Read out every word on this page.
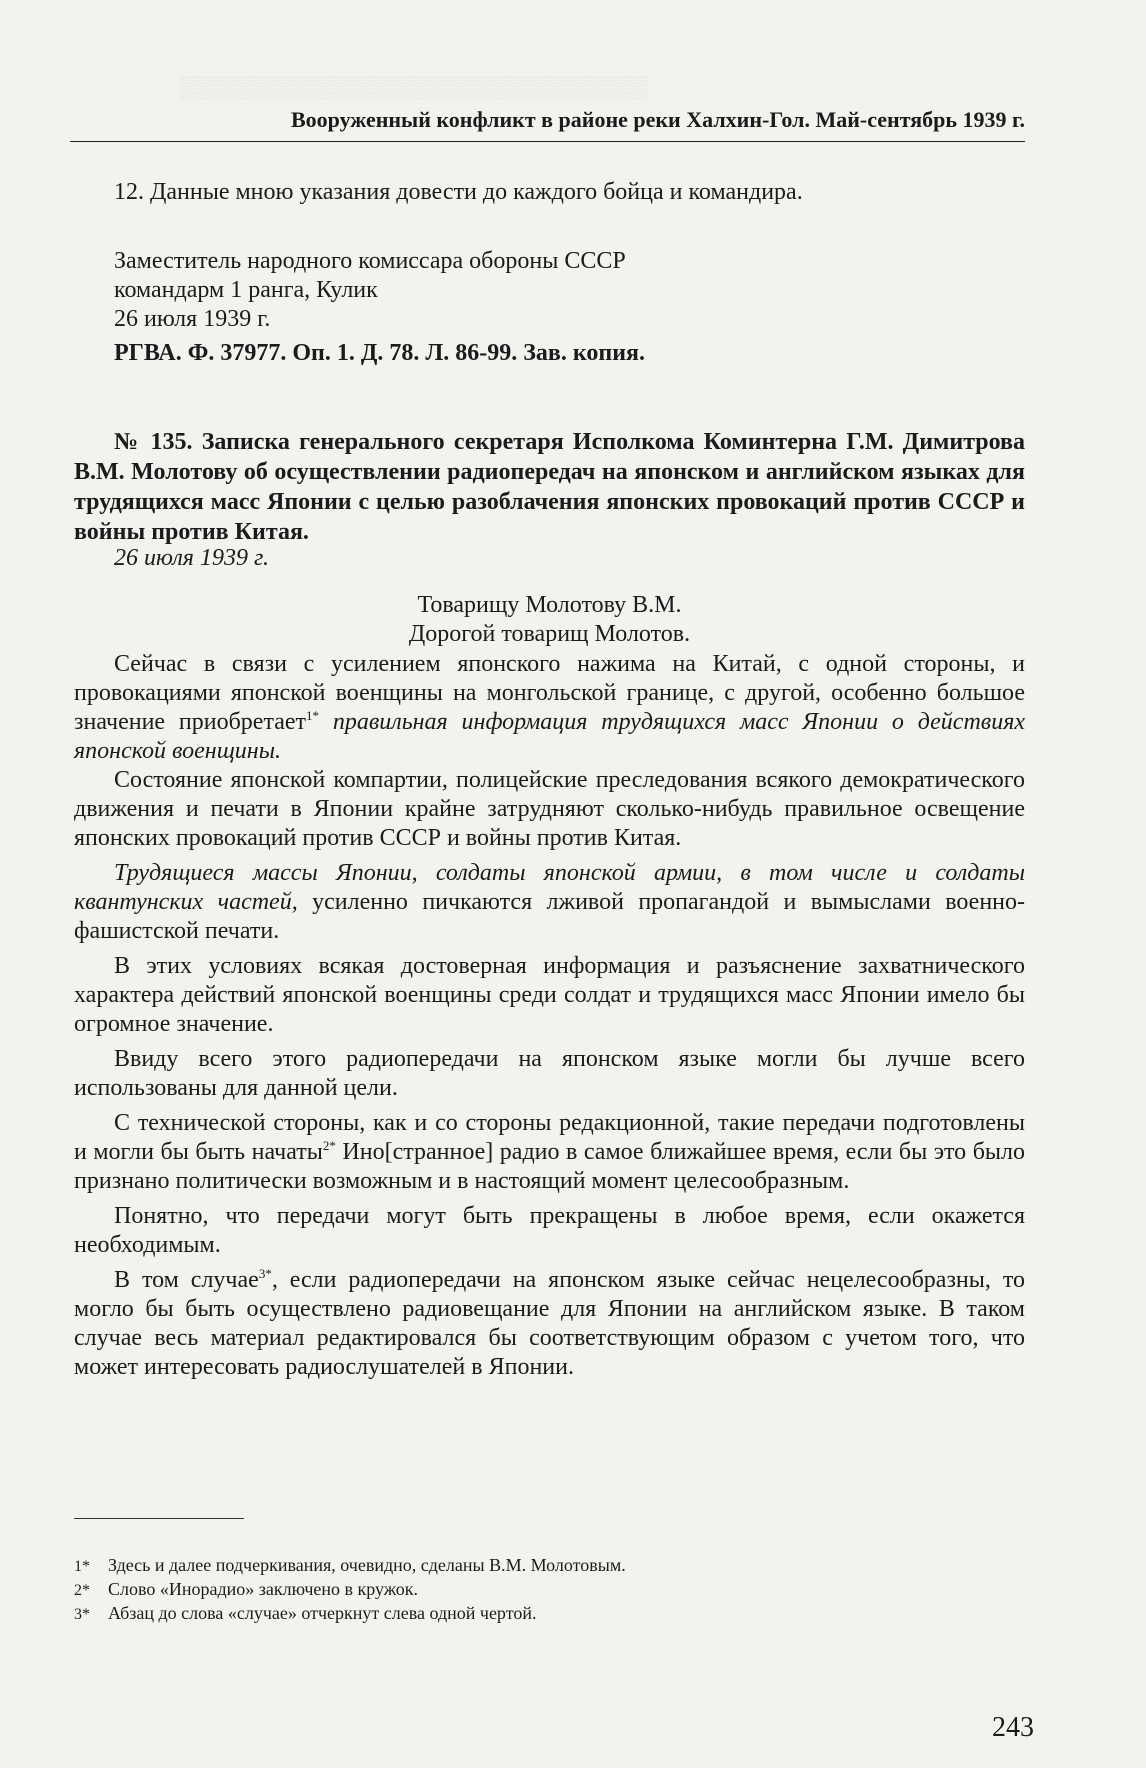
▒▒▒▒▒▒▒▒▒▒▒▒▒▒▒▒▒▒▒▒▒▒▒▒▒▒▒▒▒▒
Вооруженный конфликт в районе реки Халхин-Гол. Май-сентябрь 1939 г.

12. Данные мною указания довести до каждого бойца и командира.

Заместитель народного комиссара обороны СССР

командарм 1 ранга, Кулик

26 июля 1939 г.

РГВА. Ф. 37977. Оп. 1. Д. 78. Л. 86-99. Зав. копия.

№ 135. Записка генерального секретаря Исполкома Коминтерна Г.М. Димитрова В.М. Молотову об осуществлении радиопередач на японском и английском языках для трудящихся масс Японии с целью разоблачения японских провокаций против СССР и войны против Китая.

26 июля 1939 г.

Товарищу Молотову В.М.
Дорогой товарищ Молотов.

Сейчас в связи с усилением японского нажима на Китай, с одной стороны, и провокациями японской военщины на монгольской границе, с другой, особенно большое значение приобретает$^{1*}$ правильная информация трудящихся масс Японии о действиях японской военщины.

Состояние японской компартии, полицейские преследования всякого демократического движения и печати в Японии крайне затрудняют сколько-нибудь правильное освещение японских провокаций против СССР и войны против Китая.

Трудящиеся массы Японии, солдаты японской армии, в том числе и солдаты квантунских частей, усиленно пичкаются лживой пропагандой и вымыслами военно-фашистской печати.

В этих условиях всякая достоверная информация и разъяснение захватнического характера действий японской военщины среди солдат и трудящихся масс Японии имело бы огромное значение.

Ввиду всего этого радиопередачи на японском языке могли бы лучше всего использованы для данной цели.

С технической стороны, как и со стороны редакционной, такие передачи подготовлены и могли бы быть начаты$^{2*}$ Ино[странное] радио в самое ближайшее время, если бы это было признано политически возможным и в настоящий момент целесообразным.

Понятно, что передачи могут быть прекращены в любое время, если окажется необходимым.

В том случае$^{3*}$, если радиопередачи на японском языке сейчас нецелесообразны, то могло бы быть осуществлено радиовещание для Японии на английском языке. В таком случае весь материал редактировался бы соответствующим образом с учетом того, что может интересовать радиослушателей в Японии.

1* Здесь и далее подчеркивания, очевидно, сделаны В.М. Молотовым.
2* Слово «Инорадио» заключено в кружок.
3* Абзац до слова «случае» отчеркнут слева одной чертой.
243
